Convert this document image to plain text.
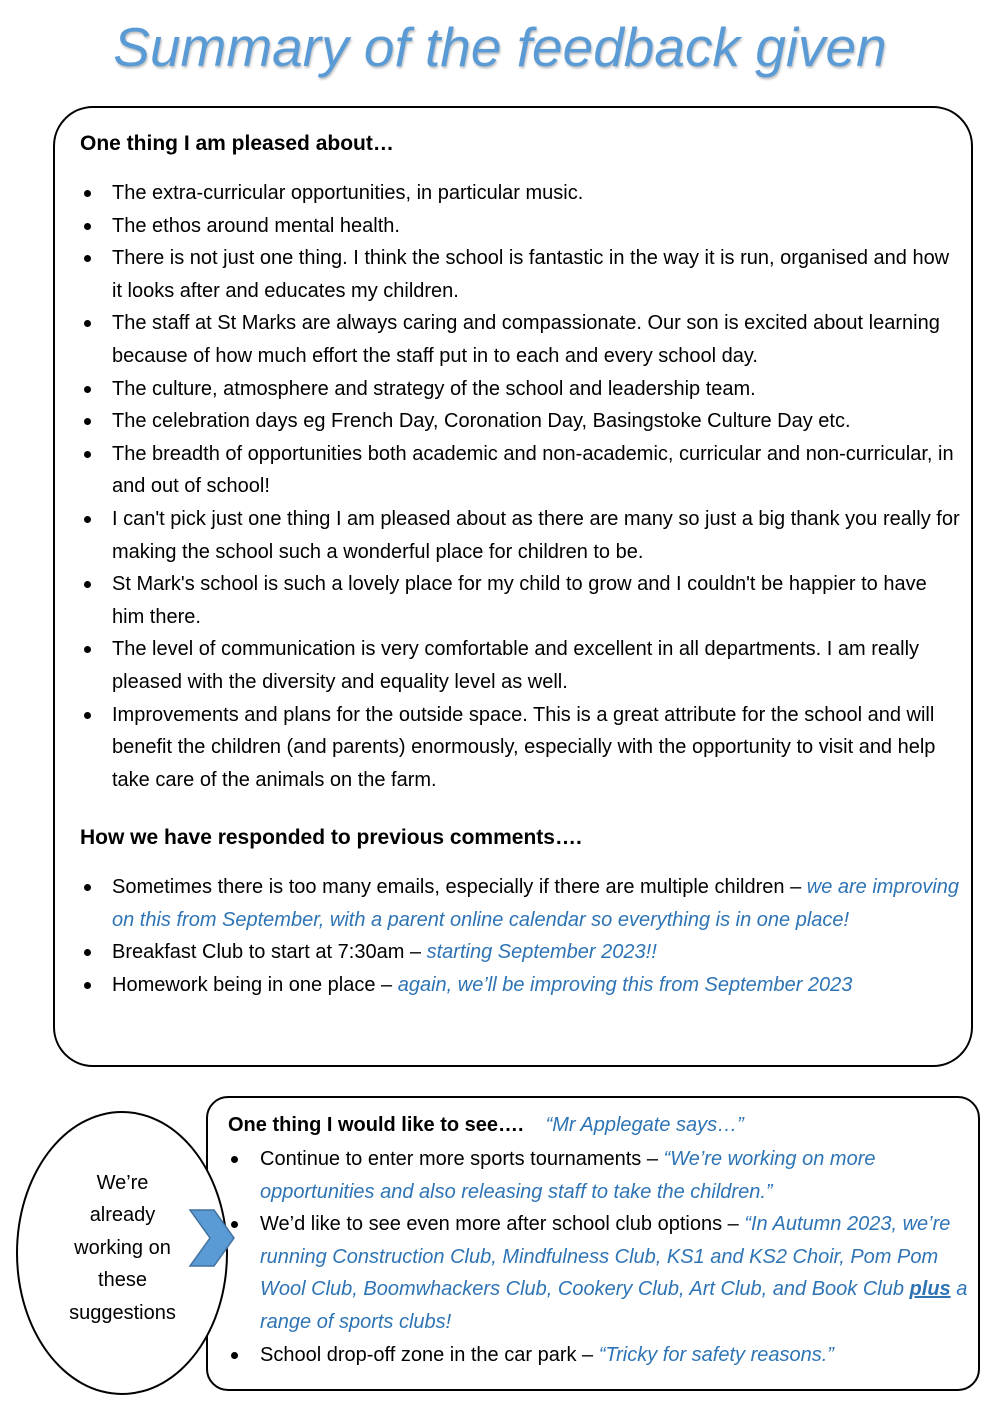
Summary of the feedback given
One thing I am pleased about…
The extra-curricular opportunities, in particular music.
The ethos around mental health.
There is not just one thing. I think the school is fantastic in the way it is run, organised and how it looks after and educates my children.
The staff at St Marks are always caring and compassionate. Our son is excited about learning because of how much effort the staff put in to each and every school day.
The culture, atmosphere and strategy of the school and leadership team.
The celebration days eg French Day, Coronation Day, Basingstoke Culture Day etc.
The breadth of opportunities both academic and non-academic, curricular and non-curricular, in and out of school!
I can't pick just one thing I am pleased about as there are many so just a big thank you really for making the school such a wonderful place for children to be.
St Mark's school is such a lovely place for my child to grow and I couldn't be happier to have him there.
The level of communication is very comfortable and excellent in all departments. I am really pleased with the diversity and equality level as well.
Improvements and plans for the outside space. This is a great attribute for the school and will benefit the children (and parents) enormously, especially with the opportunity to visit and help take care of the animals on the farm.
How we have responded to previous comments….
Sometimes there is too many emails, especially if there are multiple children – we are improving on this from September, with a parent online calendar so everything is in one place!
Breakfast Club to start at 7:30am – starting September 2023!!
Homework being in one place – again, we’ll be improving this from September 2023
We’re
already
working on
these
suggestions
One thing I would like to see…. “Mr Applegate says…”
Continue to enter more sports tournaments – “We’re working on more opportunities and also releasing staff to take the children.”
We’d like to see even more after school club options – “In Autumn 2023, we’re running Construction Club, Mindfulness Club, KS1 and KS2 Choir, Pom Pom Wool Club, Boomwhackers Club, Cookery Club, Art Club, and Book Club plus a range of sports clubs!
School drop-off zone in the car park – “Tricky for safety reasons.”
